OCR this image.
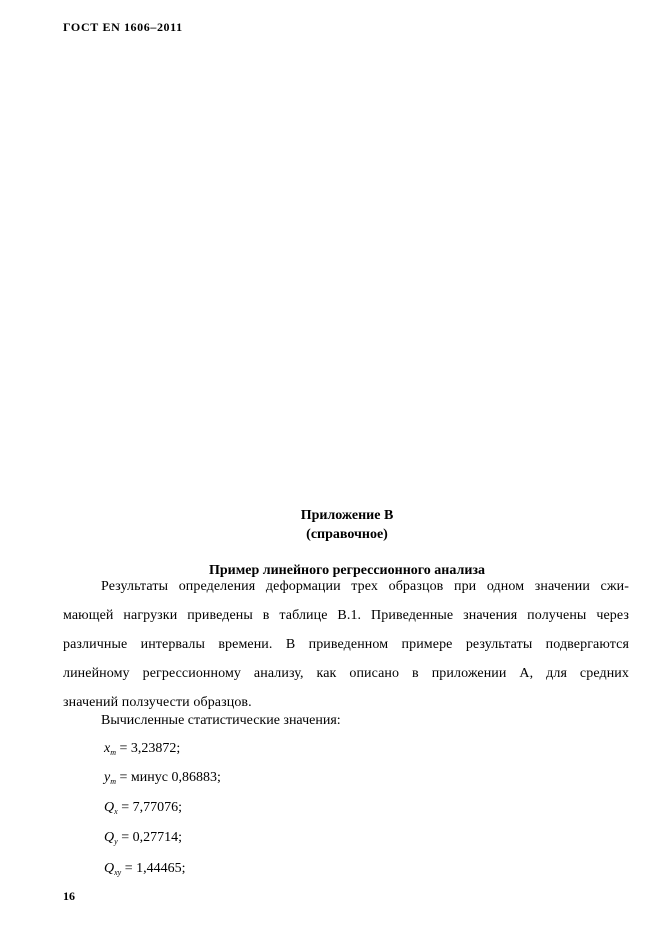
ГОСТ EN 1606–2011
Приложение В
(справочное)
Пример линейного регрессионного анализа
Результаты определения деформации трех образцов при одном значении сжи-
мающей нагрузки приведены в таблице В.1. Приведенные значения получены через
различные интервалы времени. В приведенном примере результаты подвергаются
линейному регрессионному анализу, как описано в приложении А, для средних
значений ползучести образцов.
Вычисленные статистические значения:
$x_m = 3,23872$;
$y_m$ = минус 0,86883;
$Q_x = 7,77076$;
$Q_y = 0,27714$;
$Q_{xy} = 1,44465$;
16
